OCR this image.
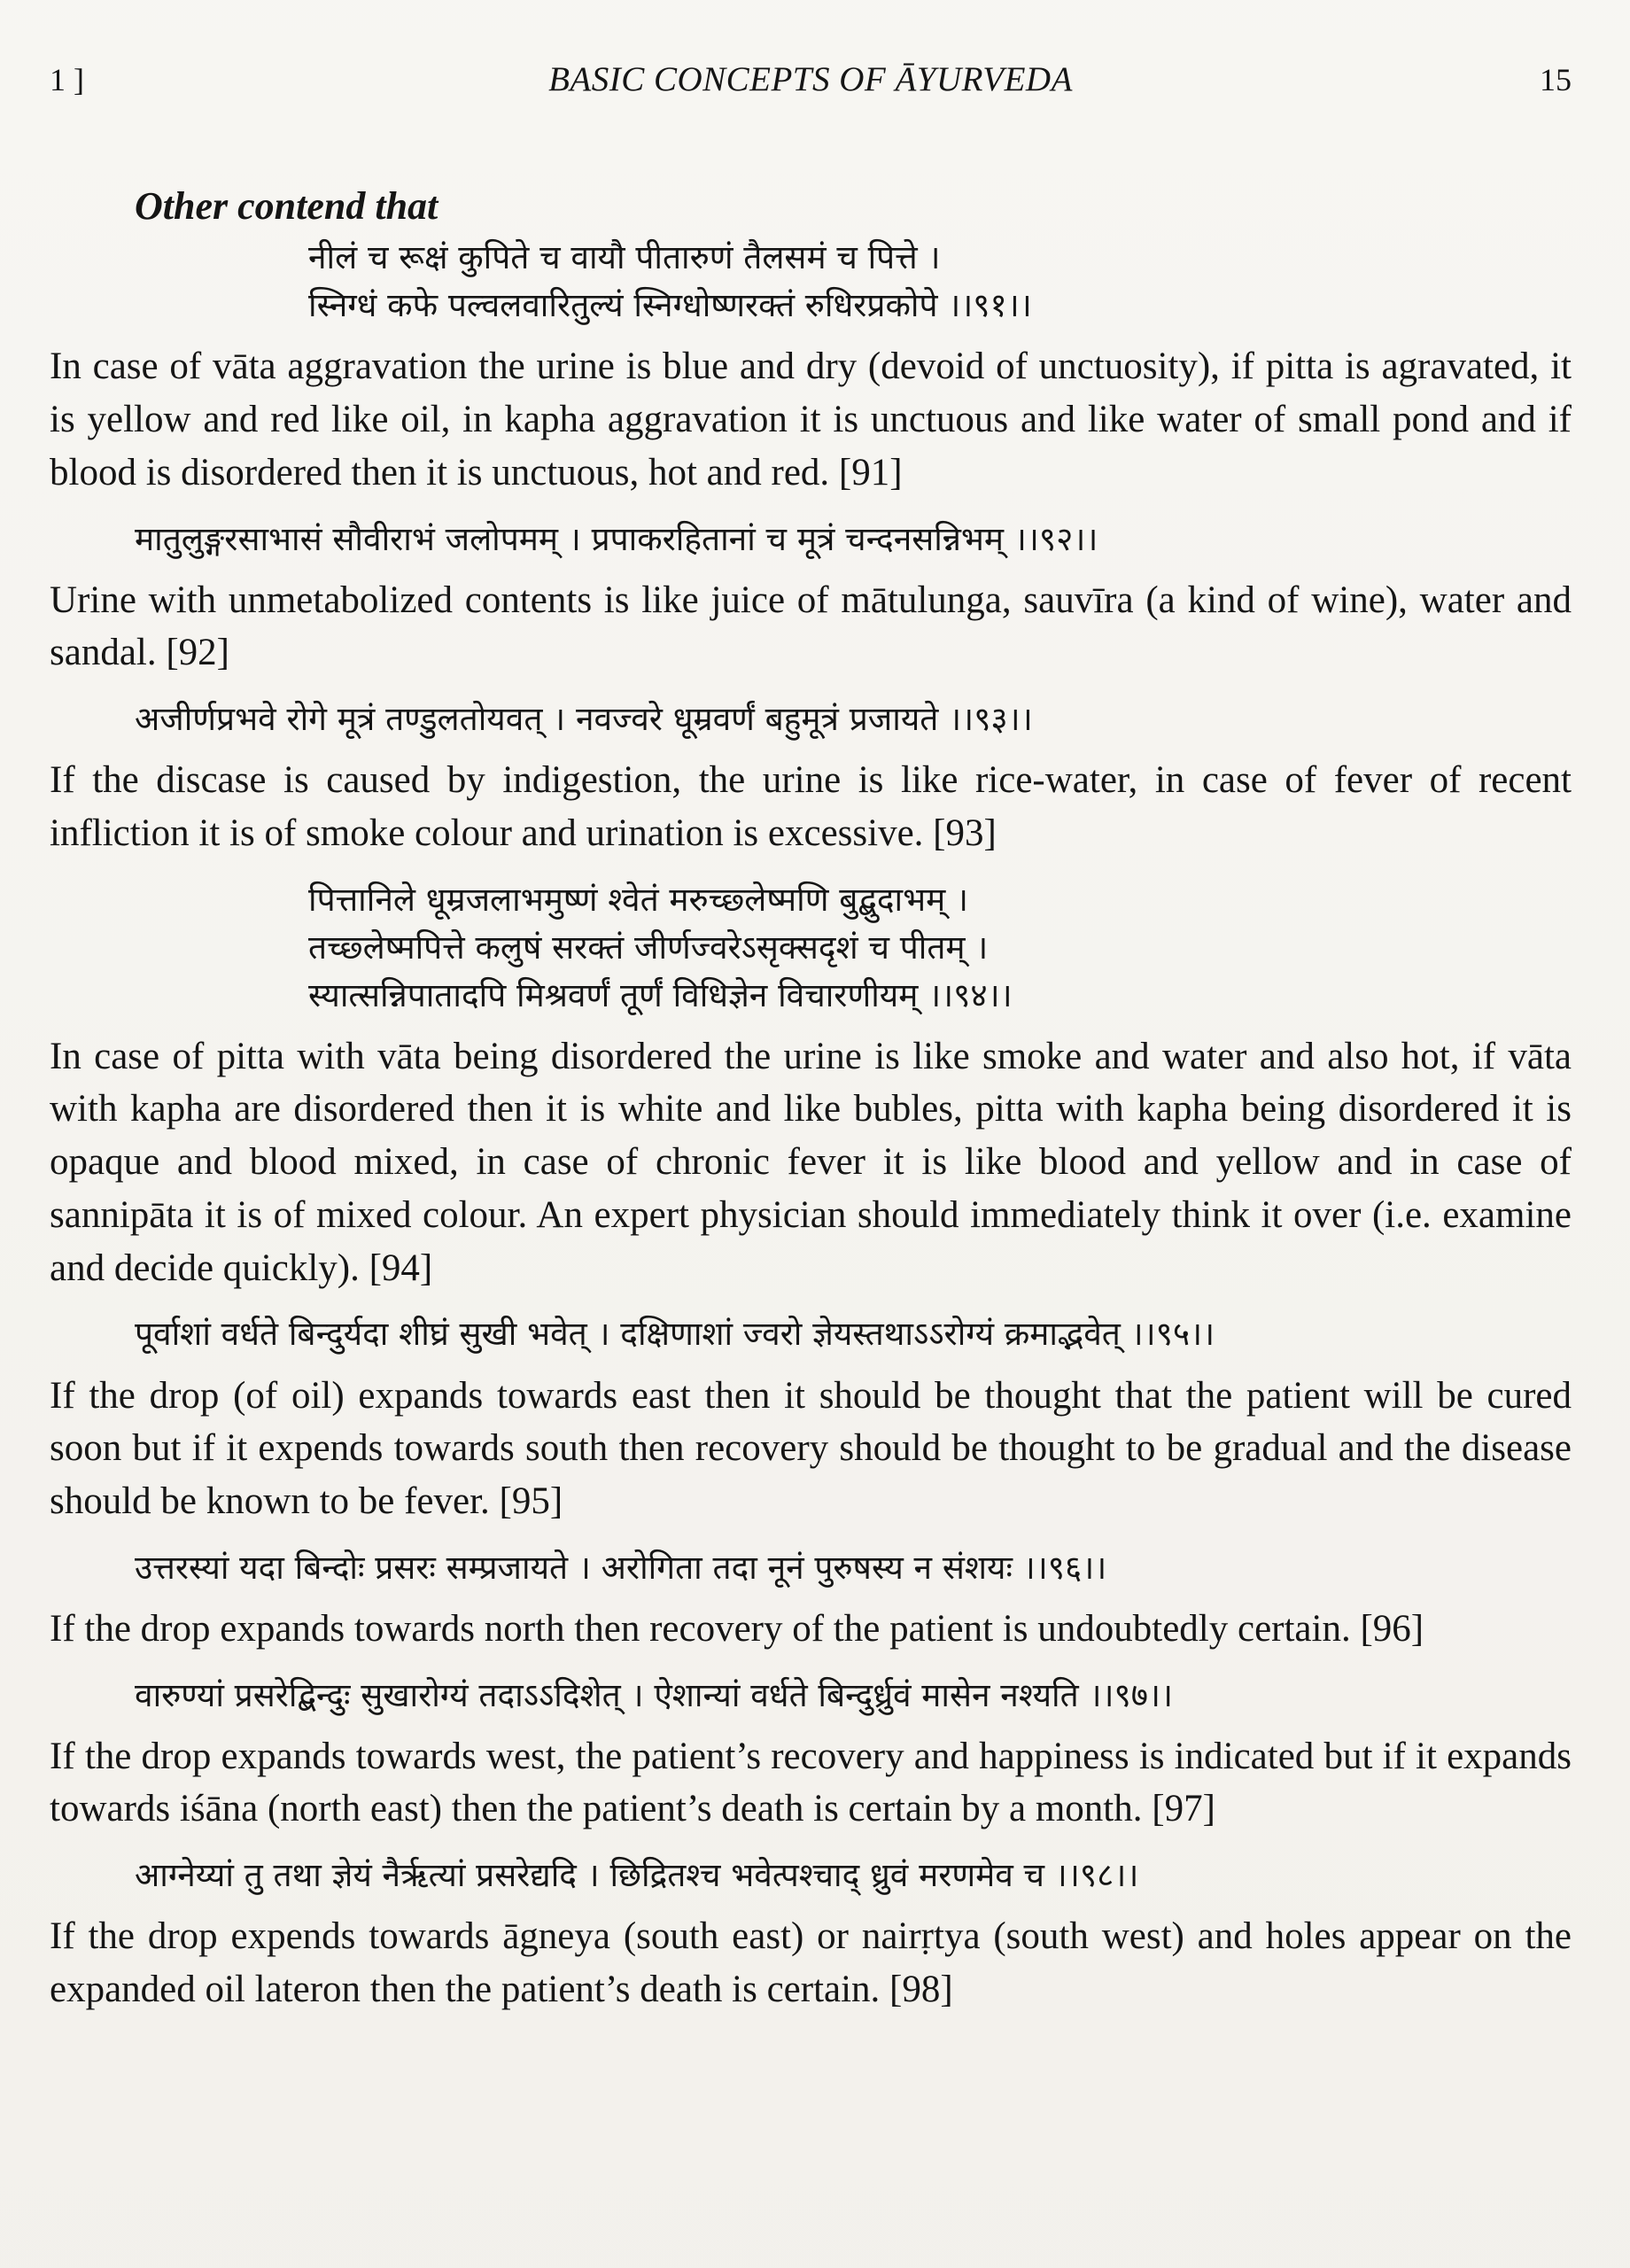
1 ]	BASIC CONCEPTS OF ĀYURVEDA	15
Other contend that

नीलं च रूक्षं कुपिते च वायौ पीतारुणं तैलसमं च पित्ते ।

स्निग्धं कफे पल्वलवारितुल्यं स्निग्धोष्णरक्तं रुधिरप्रकोपे ।।९१।।

In case of vāta aggravation the urine is blue and dry (devoid of unctuosity), if pitta is agravated, it is yellow and red like oil, in kapha aggravation it is unctuous and like water of small pond and if blood is disordered then it is unctuous, hot and red. [91]

मातुलुङ्गरसाभासं सौवीराभं जलोपमम् । प्रपाकरहितानां च मूत्रं चन्दनसन्निभम् ।।९२।।

Urine with unmetabolized contents is like juice of mātulunga, sauvīra (a kind of wine), water and sandal. [92]

अजीर्णप्रभवे रोगे मूत्रं तण्डुलतोयवत् । नवज्वरे धूम्रवर्णं बहुमूत्रं प्रजायते ।।९३।।

If the discase is caused by indigestion, the urine is like rice-water, in case of fever of recent infliction it is of smoke colour and urination is excessive. [93]

पित्तानिले धूम्रजलाभमुष्णं श्वेतं मरुच्छ्लेष्मणि बुद्बुदाभम् ।

तच्छ्लेष्मपित्ते कलुषं सरक्तं जीर्णज्वरेऽसृक्सदृशं च पीतम् ।

स्यात्सन्निपातादपि मिश्रवर्णं तूर्णं विधिज्ञेन विचारणीयम् ।।९४।।

In case of pitta with vāta being disordered the urine is like smoke and water and also hot, if vāta with kapha are disordered then it is white and like bubles, pitta with kapha being disordered it is opaque and blood mixed, in case of chronic fever it is like blood and yellow and in case of sannipāta it is of mixed colour. An expert physician should immediately think it over (i.e. examine and decide quickly). [94]

पूर्वाशां वर्धते बिन्दुर्यदा शीघ्रं सुखी भवेत् । दक्षिणाशां ज्वरो ज्ञेयस्तथाऽऽरोग्यं क्रमाद्भवेत् ।।९५।।

If the drop (of oil) expands towards east then it should be thought that the patient will be cured soon but if it expends towards south then recovery should be thought to be gradual and the disease should be known to be fever. [95]

उत्तरस्यां यदा बिन्दोः प्रसरः सम्प्रजायते । अरोगिता तदा नूनं पुरुषस्य न संशयः ।।९६।।

If the drop expands towards north then recovery of the patient is undoubtedly certain. [96]

वारुण्यां प्रसरेद्बिन्दुः सुखारोग्यं तदाऽऽदिशेत् । ऐशान्यां वर्धते बिन्दुर्ध्रुवं मासेन नश्यति ।।९७।।

If the drop expands towards west, the patient’s recovery and happiness is indicated but if it expands towards iśāna (north east) then the patient’s death is certain by a month. [97]

आग्नेय्यां तु तथा ज्ञेयं नैर्ऋत्यां प्रसरेद्यदि । छिद्रितश्च भवेत्पश्चाद् ध्रुवं मरणमेव च ।।९८।।

If the drop expends towards āgneya (south east) or nairṛtya (south west) and holes appear on the expanded oil lateron then the patient’s death is certain. [98]
